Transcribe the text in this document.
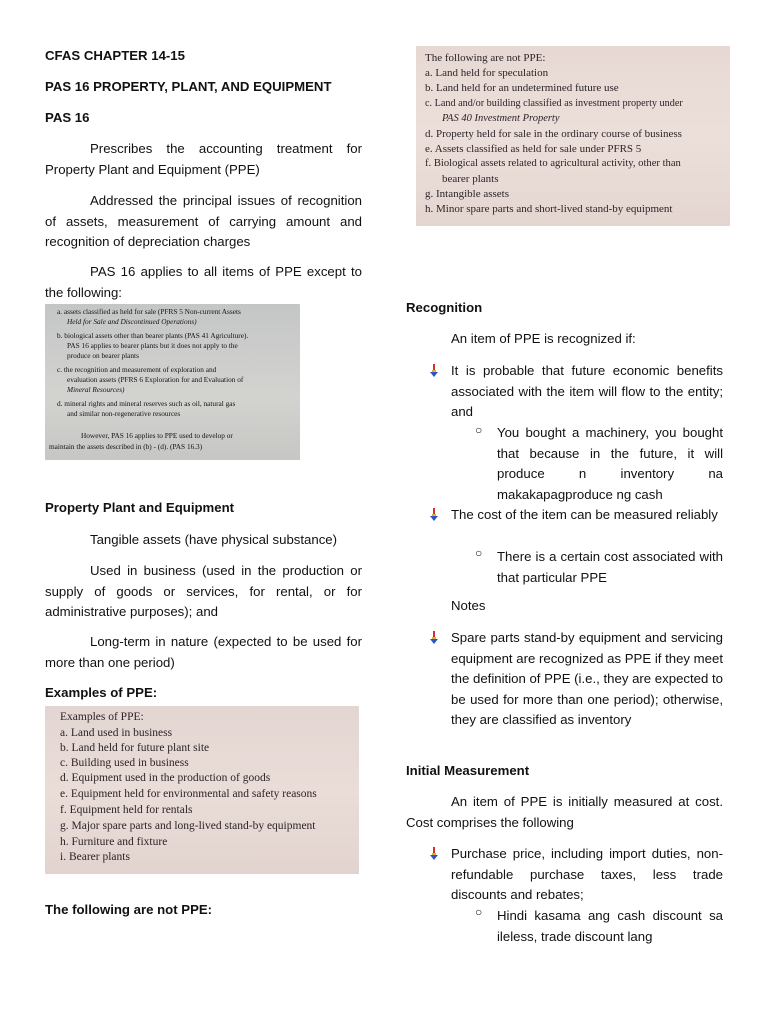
CFAS CHAPTER 14-15
PAS 16 PROPERTY, PLANT, AND EQUIPMENT
PAS 16

Prescribes the accounting treatment for Property Plant and Equipment (PPE)

Addressed the principal issues of recognition of assets, measurement of carrying amount and recognition of depreciation charges

PAS 16 applies to all items of PPE except to the following:

a. assets classified as held for sale (PFRS 5 Non-current Assets
Held for Sale and Discontinued Operations)
b. biological assets other than bearer plants (PAS 41 Agriculture).
PAS 16 applies to bearer plants but it does not apply to the
produce on bearer plants
c. the recognition and measurement of exploration and
evaluation assets (PFRS 6 Exploration for and Evaluation of
Mineral Resources)
d. mineral rights and mineral reserves such as oil, natural gas
and similar non-regenerative resources
However, PAS 16 applies to PPE used to develop or
maintain the assets described in (b) - (d). (PAS 16.3)
Property Plant and Equipment

Tangible assets (have physical substance)

Used in business (used in the production or supply of goods or services, for rental, or for administrative purposes); and

Long-term in nature (expected to be used for more than one period)

Examples of PPE:
Examples of PPE:
a. Land used in business
b. Land held for future plant site
c. Building used in business
d. Equipment used in the production of goods
e. Equipment held for environmental and safety reasons
f. Equipment held for rentals
g. Major spare parts and long-lived stand-by equipment
h. Furniture and fixture
i. Bearer plants
The following are not PPE:
The following are not PPE:
a. Land held for speculation
b. Land held for an undetermined future use
c. Land and/or building classified as investment property under
PAS 40 Investment Property
d. Property held for sale in the ordinary course of business
e. Assets classified as held for sale under PFRS 5
f. Biological assets related to agricultural activity, other than
bearer plants
g. Intangible assets
h. Minor spare parts and short-lived stand-by equipment
Recognition
An item of PPE is recognized if:

It is probable that future economic benefits associated with the item will flow to the entity; and

○ You bought a machinery, you bought that because in the future, it will produce n inventory na makakapagproduce ng cash

The cost of the item can be measured reliably

○ There is a certain cost associated with that particular PPE

Notes

Spare parts stand-by equipment and servicing equipment are recognized as PPE if they meet the definition of PPE (i.e., they are expected to be used for more than one period); otherwise, they are classified as inventory

Initial Measurement

An item of PPE is initially measured at cost. Cost comprises the following

Purchase price, including import duties, non-refundable purchase taxes, less trade discounts and rebates;

○ Hindi kasama ang cash discount sa ileless, trade discount lang
